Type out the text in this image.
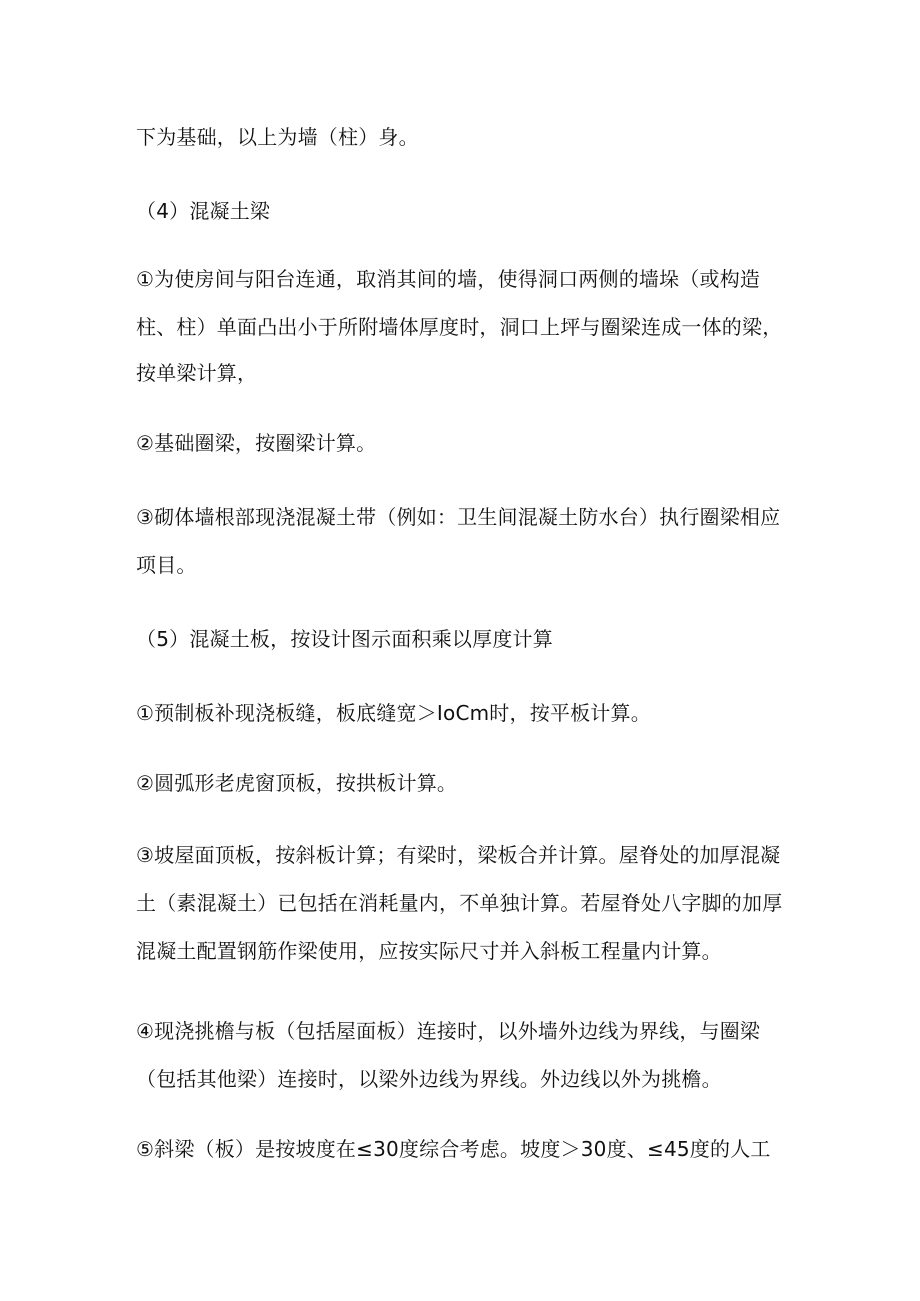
下为基础，以上为墙（柱）身。
（4）混凝土梁
①为使房间与阳台连通，取消其间的墙，使得洞口两侧的墙垛（或构造
柱、柱）单面凸出小于所附墙体厚度时，洞口上坪与圈梁连成一体的梁，
按单梁计算，
②基础圈梁，按圈梁计算。
③砌体墙根部现浇混凝土带（例如：卫生间混凝土防水台）执行圈梁相应
项目。
（5）混凝土板，按设计图示面积乘以厚度计算
①预制板补现浇板缝，板底缝宽＞IoCm时，按平板计算。
②圆弧形老虎窗顶板，按拱板计算。
③坡屋面顶板，按斜板计算；有梁时，梁板合并计算。屋脊处的加厚混凝
土（素混凝土）已包括在消耗量内，不单独计算。若屋脊处八字脚的加厚
混凝土配置钢筋作梁使用，应按实际尺寸并入斜板工程量内计算。
④现浇挑檐与板（包括屋面板）连接时，以外墙外边线为界线，与圈梁
（包括其他梁）连接时，以梁外边线为界线。外边线以外为挑檐。
⑤斜梁（板）是按坡度在≤30度综合考虑。坡度＞30度、≤45度的人工
